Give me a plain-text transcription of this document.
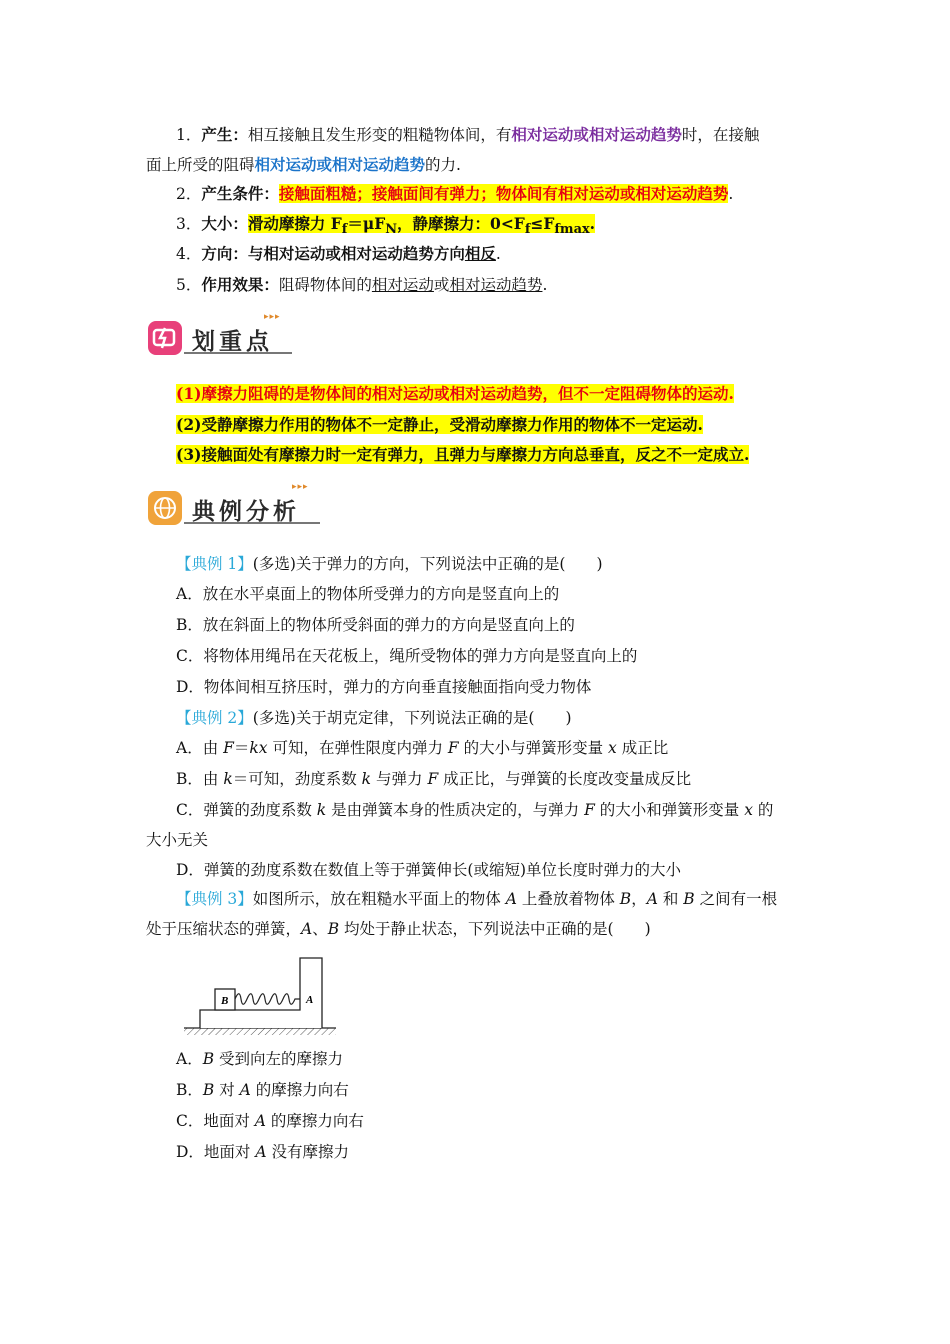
1．产生：相互接触且发生形变的粗糙物体间，有相对运动或相对运动趋势时，在接触
面上所受的阻碍相对运动或相对运动趋势的力.
2．产生条件：接触面粗糙；接触面间有弹力；物体间有相对运动或相对运动趋势.
3．大小：滑动摩擦力 $F_f=\mu F_N$，静摩擦力：$0<F_f\le F_{fmax}$.
4．方向：与相对运动或相对运动趋势方向相反.
5．作用效果：阻碍物体间的相对运动或相对运动趋势.
划重点
▸▸▸
(1)摩擦力阻碍的是物体间的相对运动或相对运动趋势，但不一定阻碍物体的运动.
(2)受静摩擦力作用的物体不一定静止，受滑动摩擦力作用的物体不一定运动.
(3)接触面处有摩擦力时一定有弹力，且弹力与摩擦力方向总垂直，反之不一定成立.
典例分析
▸▸▸
【典例 1】(多选)关于弹力的方向，下列说法中正确的是(　　)
A．放在水平桌面上的物体所受弹力的方向是竖直向上的
B．放在斜面上的物体所受斜面的弹力的方向是竖直向上的
C．将物体用绳吊在天花板上，绳所受物体的弹力方向是竖直向上的
D．物体间相互挤压时，弹力的方向垂直接触面指向受力物体
【典例 2】(多选)关于胡克定律，下列说法正确的是(　　)
A．由 F＝kx 可知，在弹性限度内弹力 F 的大小与弹簧形变量 x 成正比
B．由 k＝可知，劲度系数 k 与弹力 F 成正比，与弹簧的长度改变量成反比
C．弹簧的劲度系数 k 是由弹簧本身的性质决定的，与弹力 F 的大小和弹簧形变量 x 的
大小无关
D．弹簧的劲度系数在数值上等于弹簧伸长(或缩短)单位长度时弹力的大小
【典例 3】如图所示，放在粗糙水平面上的物体 A 上叠放着物体 B，A 和 B 之间有一根
处于压缩状态的弹簧，A、B 均处于静止状态，下列说法中正确的是(　　)
B	A
A．B 受到向左的摩擦力
B．B 对 A 的摩擦力向右
C．地面对 A 的摩擦力向右
D．地面对 A 没有摩擦力
